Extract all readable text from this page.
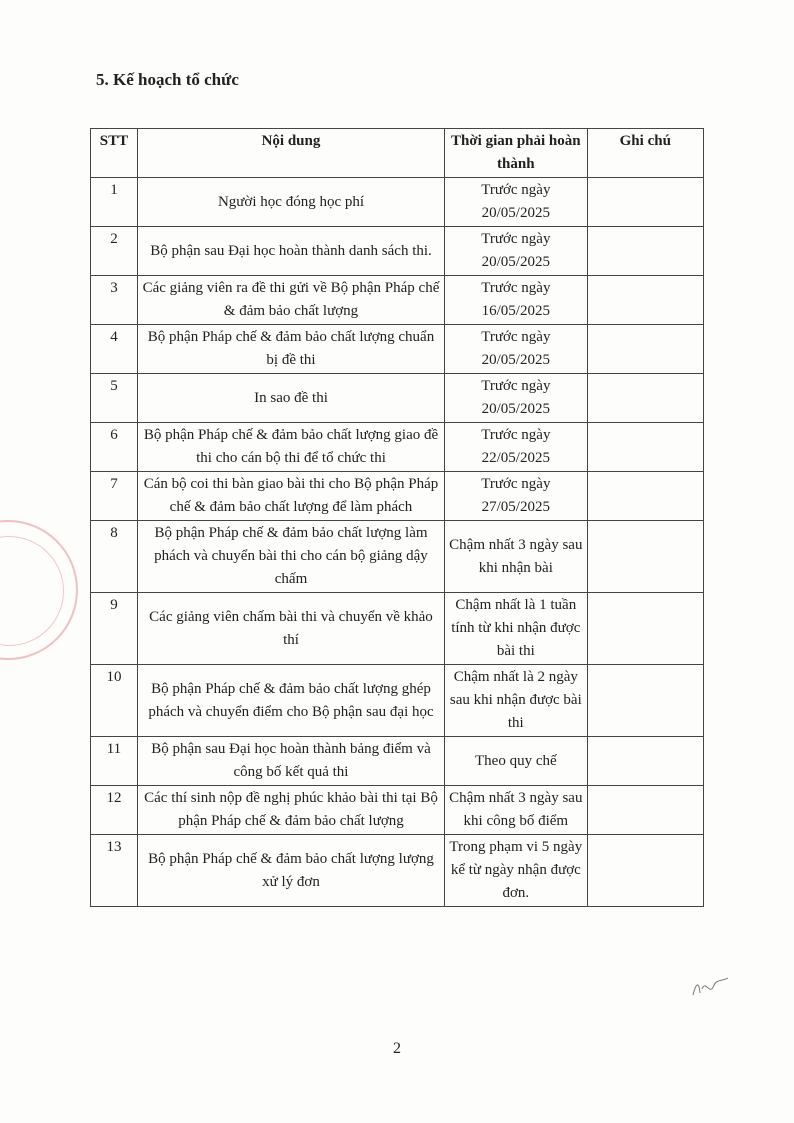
5. Kế hoạch tổ chức
STT	Nội dung	Thời gian phải hoàn thành	Ghi chú
1	Người học đóng học phí	Trước ngày 20/05/2025	
2	Bộ phận sau Đại học hoàn thành danh sách thi.	Trước ngày 20/05/2025	
3	Các giảng viên ra đề thi gửi về Bộ phận Pháp chế & đảm bảo chất lượng	Trước ngày 16/05/2025	
4	Bộ phận Pháp chế & đảm bảo chất lượng chuẩn bị đề thi	Trước ngày 20/05/2025	
5	In sao đề thi	Trước ngày 20/05/2025	
6	Bộ phận Pháp chế & đảm bảo chất lượng giao đề thi cho cán bộ thi để tổ chức thi	Trước ngày 22/05/2025	
7	Cán bộ coi thi bàn giao bài thi cho Bộ phận Pháp chế & đảm bảo chất lượng để làm phách	Trước ngày 27/05/2025	
8	Bộ phận Pháp chế & đảm bảo chất lượng làm phách và chuyển bài thi cho cán bộ giảng dậy chấm	Chậm nhất 3 ngày sau khi nhận bài	
9	Các giảng viên chấm bài thi và chuyển về khảo thí	Chậm nhất là 1 tuần tính từ khi nhận được bài thi	
10	Bộ phận Pháp chế & đảm bảo chất lượng ghép phách và chuyển điểm cho Bộ phận sau đại học	Chậm nhất là 2 ngày sau khi nhận được bài thi	
11	Bộ phận sau Đại học hoàn thành bảng điểm và công bố kết quả thi	Theo quy chế	
12	Các thí sinh nộp đề nghị phúc khảo bài thi tại Bộ phận Pháp chế & đảm bảo chất lượng	Chậm nhất 3 ngày sau khi công bố điểm	
13	Bộ phận Pháp chế & đảm bảo chất lượng lượng xử lý đơn	Trong phạm vi 5 ngày kể từ ngày nhận được đơn.	
2
